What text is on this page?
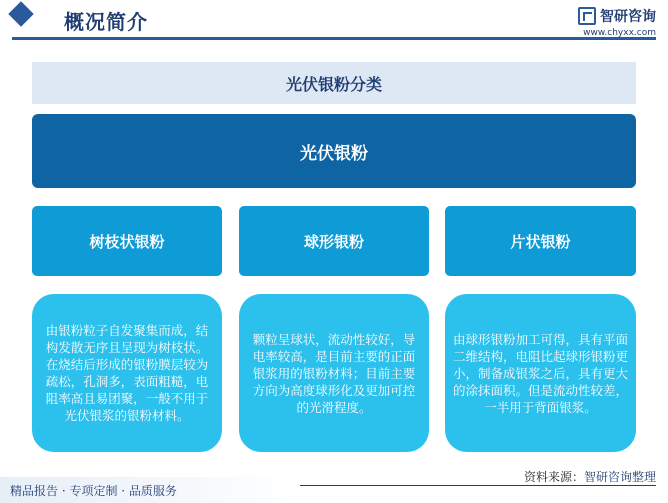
概况简介	智研咨询
www.chyxx.com
光伏银粉分类
光伏银粉
树枝状银粉	球形银粉	片状银粉
由银粉粒子自发聚集而成，结构发散无序且呈现为树枝状。在烧结后形成的银粉膜层较为疏松，孔洞多，表面粗糙，电阻率高且易团聚，一般不用于光伏银浆的银粉材料。
颗粒呈球状，流动性较好，导电率较高，是目前主要的正面银浆用的银粉材料；目前主要方向为高度球形化及更加可控的光滑程度。
由球形银粉加工可得，具有平面二维结构，电阻比起球形银粉更小，制备成银浆之后，具有更大的涂抹面积。但是流动性较差，一半用于背面银浆。
精品报告 · 专项定制 · 品质服务
资料来源：智研咨询整理
